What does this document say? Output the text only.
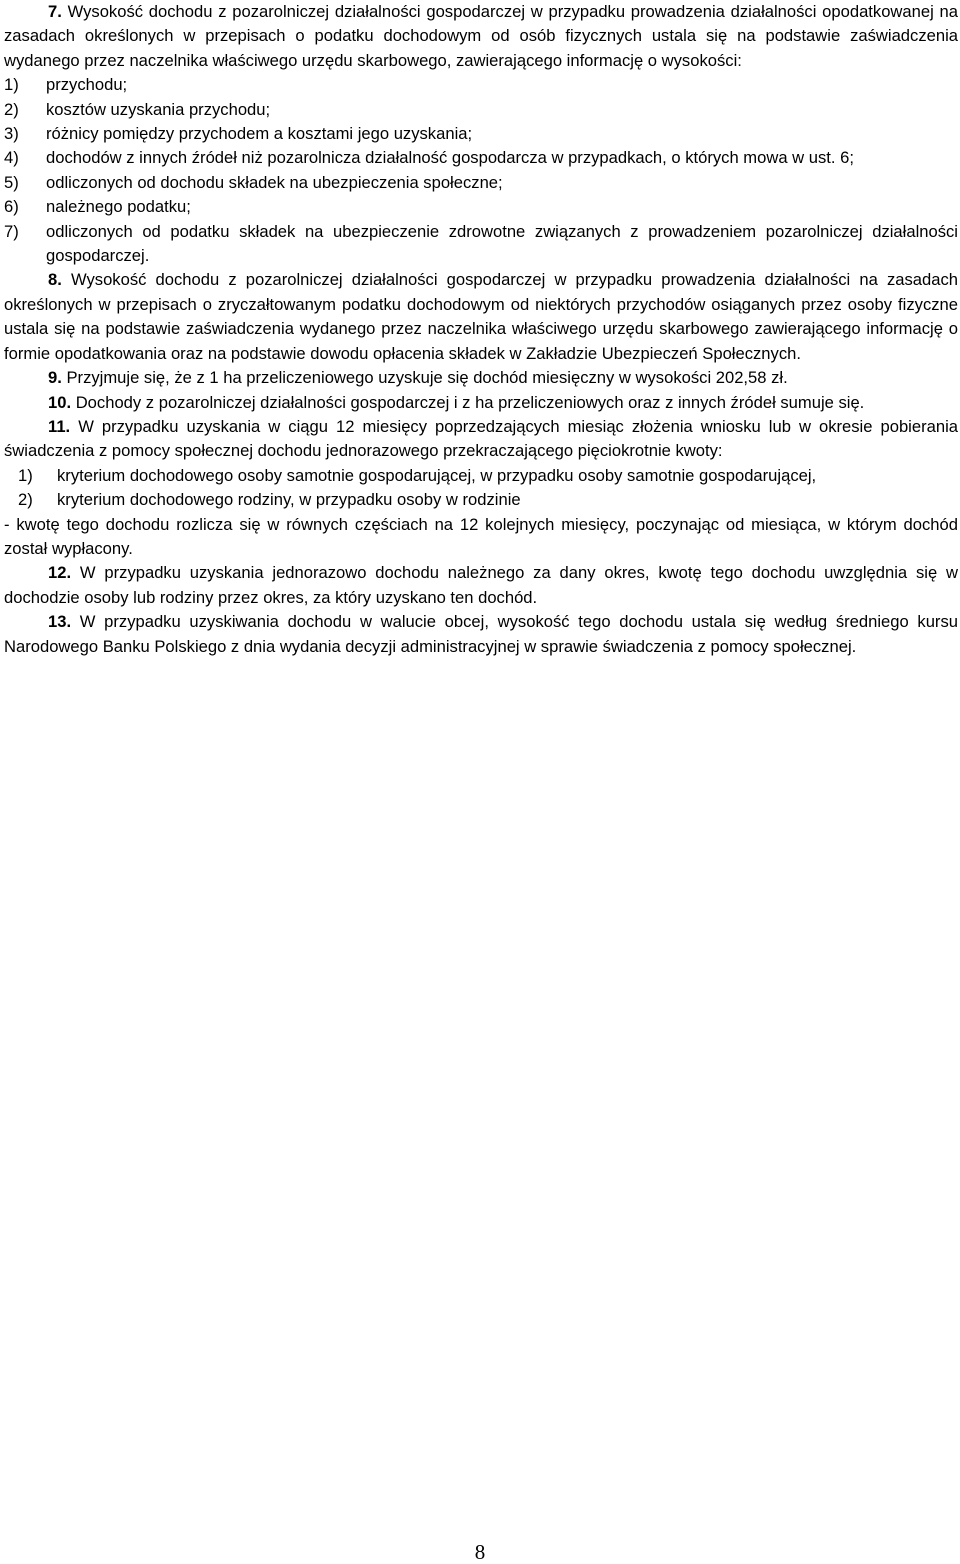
7. Wysokość dochodu z pozarolniczej działalności gospodarczej w przypadku prowadzenia działalności opodatkowanej na zasadach określonych w przepisach o podatku dochodowym od osób fizycznych ustala się na podstawie zaświadczenia wydanego przez naczelnika właściwego urzędu skarbowego, zawierającego informację o wysokości:

1)	przychodu;
2)	kosztów uzyskania przychodu;
3)	różnicy pomiędzy przychodem a kosztami jego uzyskania;
4)	dochodów z innych źródeł niż pozarolnicza działalność gospodarcza w przypadkach, o których mowa w ust. 6;
5)	odliczonych od dochodu składek na ubezpieczenia społeczne;
6)	należnego podatku;
7)	odliczonych od podatku składek na ubezpieczenie zdrowotne związanych z prowadzeniem pozarolniczej działalności gospodarczej.

8. Wysokość dochodu z pozarolniczej działalności gospodarczej w przypadku prowadzenia działalności na zasadach określonych w przepisach o zryczałtowanym podatku dochodowym od niektórych przychodów osiąganych przez osoby fizyczne ustala się na podstawie zaświadczenia wydanego przez naczelnika właściwego urzędu skarbowego zawierającego informację o formie opodatkowania oraz na podstawie dowodu opłacenia składek w Zakładzie Ubezpieczeń Społecznych.

9. Przyjmuje się, że z 1 ha przeliczeniowego uzyskuje się dochód miesięczny w wysokości 202,58 zł.

10. Dochody z pozarolniczej działalności gospodarczej i z ha przeliczeniowych oraz z innych źródeł sumuje się.

11. W przypadku uzyskania w ciągu 12 miesięcy poprzedzających miesiąc złożenia wniosku lub w okresie pobierania świadczenia z pomocy społecznej dochodu jednorazowego przekraczającego pięciokrotnie kwoty:

1)	kryterium dochodowego osoby samotnie gospodarującej, w przypadku osoby samotnie gospodarującej,
2)	kryterium dochodowego rodziny, w przypadku osoby w rodzinie

- kwotę tego dochodu rozlicza się w równych częściach na 12 kolejnych miesięcy, poczynając od miesiąca, w którym dochód został wypłacony.

12. W przypadku uzyskania jednorazowo dochodu należnego za dany okres, kwotę tego dochodu uwzględnia się w dochodzie osoby lub rodziny przez okres, za który uzyskano ten dochód.

13. W przypadku uzyskiwania dochodu w walucie obcej, wysokość tego dochodu ustala się według średniego kursu Narodowego Banku Polskiego z dnia wydania decyzji administracyjnej w sprawie świadczenia z pomocy społecznej.

8
